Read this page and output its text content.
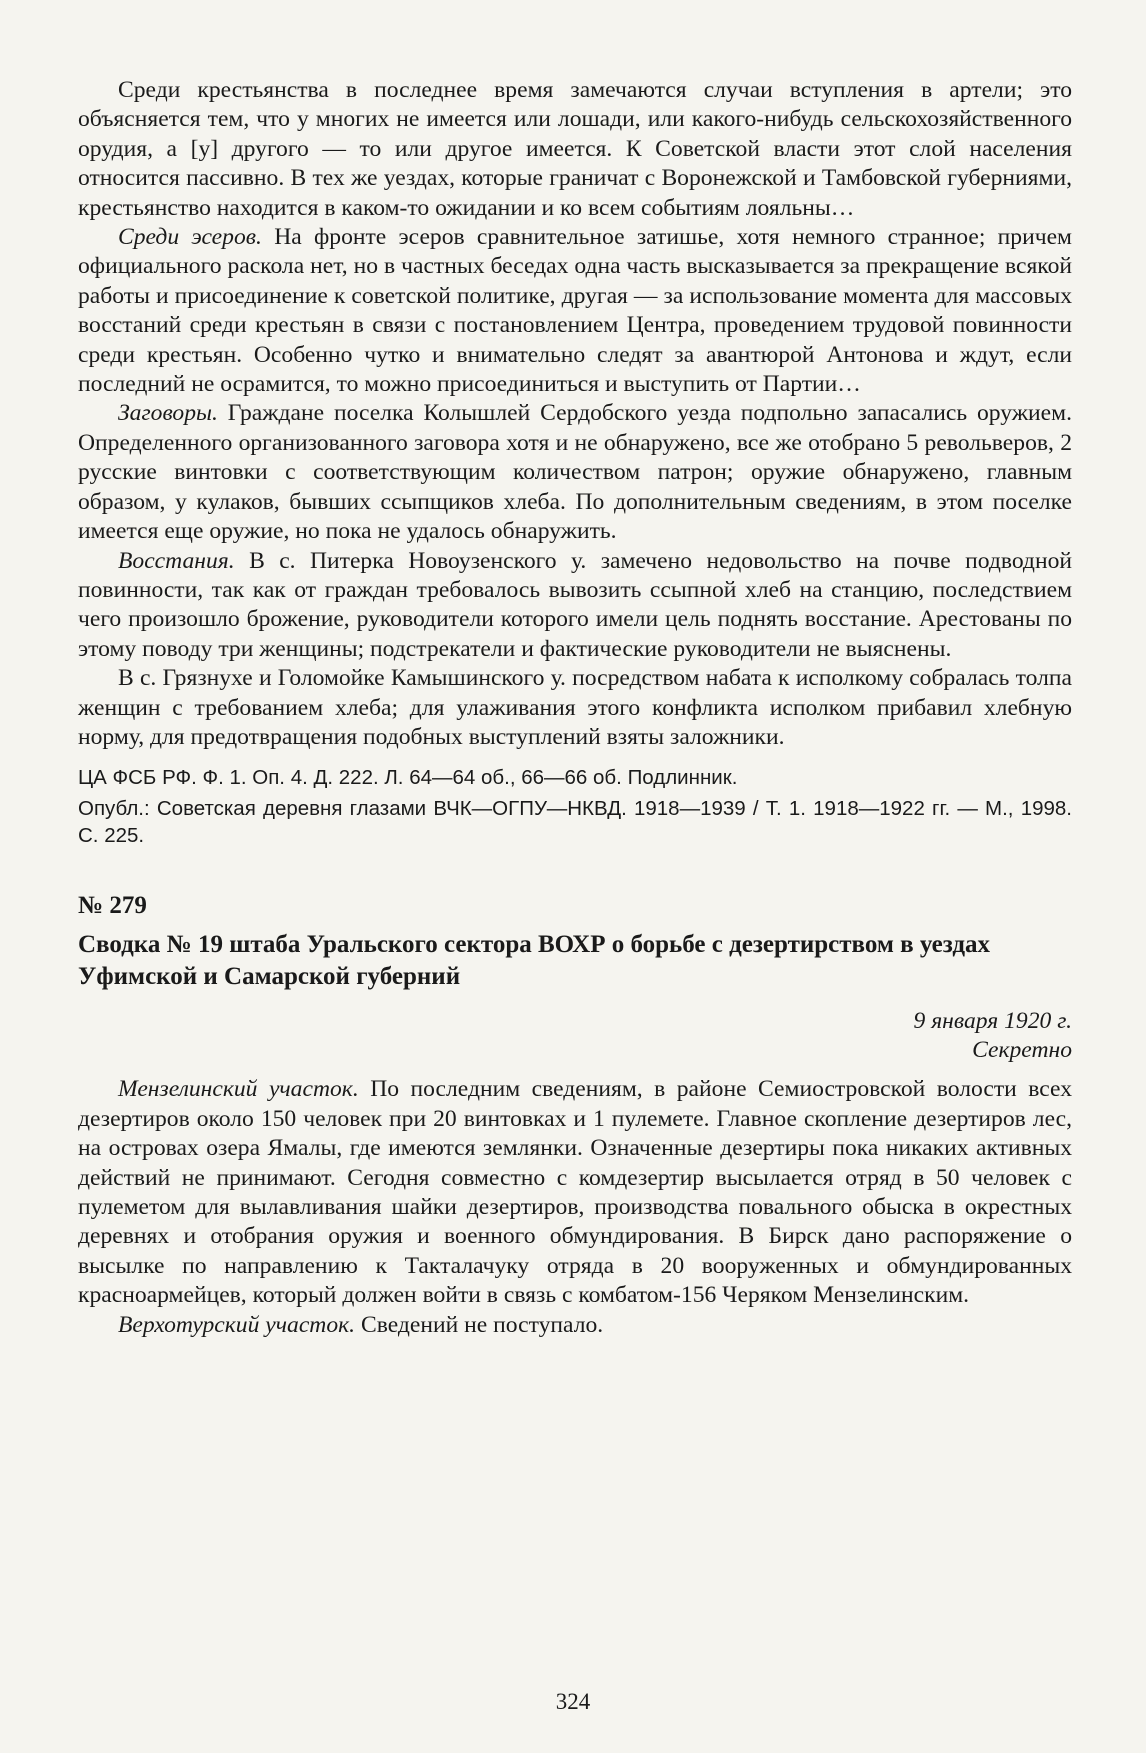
Среди крестьянства в последнее время замечаются случаи вступления в артели; это объясняется тем, что у многих не имеется или лошади, или какого-нибудь сельскохозяйственного орудия, а [у] другого — то или другое имеется. К Советской власти этот слой населения относится пассивно. В тех же уездах, которые граничат с Воронежской и Тамбовской губерниями, крестьянство находится в каком-то ожидании и ко всем событиям лояльны…

Среди эсеров. На фронте эсеров сравнительное затишье, хотя немного странное; причем официального раскола нет, но в частных беседах одна часть высказывается за прекращение всякой работы и присоединение к советской политике, другая — за использование момента для массовых восстаний среди крестьян в связи с постановлением Центра, проведением трудовой повинности среди крестьян. Особенно чутко и внимательно следят за авантюрой Антонова и ждут, если последний не осрамится, то можно присоединиться и выступить от Партии…

Заговоры. Граждане поселка Колышлей Сердобского уезда подпольно запасались оружием. Определенного организованного заговора хотя и не обнаружено, все же отобрано 5 револьверов, 2 русские винтовки с соответствующим количеством патрон; оружие обнаружено, главным образом, у кулаков, бывших ссыпщиков хлеба. По дополнительным сведениям, в этом поселке имеется еще оружие, но пока не удалось обнаружить.

Восстания. В с. Питерка Новоузенского у. замечено недовольство на почве подводной повинности, так как от граждан требовалось вывозить ссыпной хлеб на станцию, последствием чего произошло брожение, руководители которого имели цель поднять восстание. Арестованы по этому поводу три женщины; подстрекатели и фактические руководители не выяснены.

В с. Грязнухе и Голомойке Камышинского у. посредством набата к исполкому собралась толпа женщин с требованием хлеба; для улаживания этого конфликта исполком прибавил хлебную норму, для предотвращения подобных выступлений взяты заложники.

ЦА ФСБ РФ. Ф. 1. Оп. 4. Д. 222. Л. 64—64 об., 66—66 об. Подлинник.

Опубл.: Советская деревня глазами ВЧК—ОГПУ—НКВД. 1918—1939 / Т. 1. 1918—1922 гг. — М., 1998. С. 225.

№ 279

Сводка № 19 штаба Уральского сектора ВОХР о борьбе с дезертирством в уездах Уфимской и Самарской губерний

9 января 1920 г.

Секретно

Мензелинский участок. По последним сведениям, в районе Семиостровской волости всех дезертиров около 150 человек при 20 винтовках и 1 пулемете. Главное скопление дезертиров лес, на островах озера Ямалы, где имеются землянки. Означенные дезертиры пока никаких активных действий не принимают. Сегодня совместно с комдезертир высылается отряд в 50 человек с пулеметом для вылавливания шайки дезертиров, производства повального обыска в окрестных деревнях и отобрания оружия и военного обмундирования. В Бирск дано распоряжение о высылке по направлению к Такталачуку отряда в 20 вооруженных и обмундированных красноармейцев, который должен войти в связь с комбатом-156 Черяком Мензелинским.

Верхотурский участок. Сведений не поступало.

324
